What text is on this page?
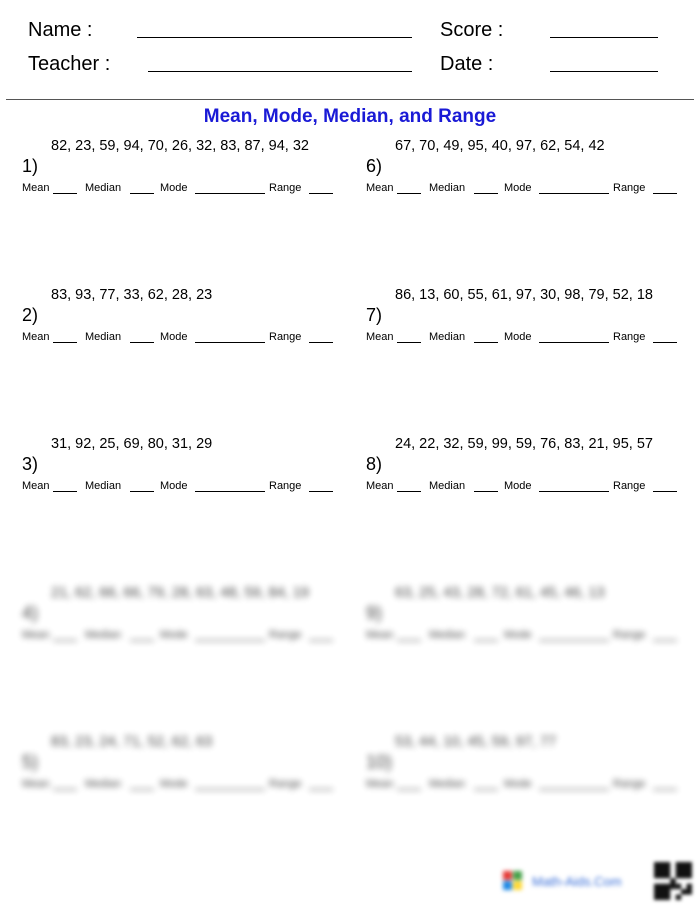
Name :
Teacher :
Score :
Date :
Mean, Mode, Median, and Range
1)
82, 23, 59, 94, 70, 26, 32, 83, 87, 94, 32
Mean	Median	Mode	Range
2)
83, 93, 77, 33, 62, 28, 23
Mean	Median	Mode	Range
3)
31, 92, 25, 69, 80, 31, 29
Mean	Median	Mode	Range
4)
21, 62, 66, 66, 79, 28, 63, 48, 59, 84, 19
Mean	Median	Mode	Range
5)
83, 23, 24, 71, 52, 62, 63
Mean	Median	Mode	Range
6)
67, 70, 49, 95, 40, 97, 62, 54, 42
Mean	Median	Mode	Range
7)
86, 13, 60, 55, 61, 97, 30, 98, 79, 52, 18
Mean	Median	Mode	Range
8)
24, 22, 32, 59, 99, 59, 76, 83, 21, 95, 57
Mean	Median	Mode	Range
9)
63, 25, 43, 28, 72, 61, 45, 46, 13
Mean	Median	Mode	Range
10)
53, 44, 10, 45, 59, 97, 77
Mean	Median	Mode	Range
Math-Aids.Com
